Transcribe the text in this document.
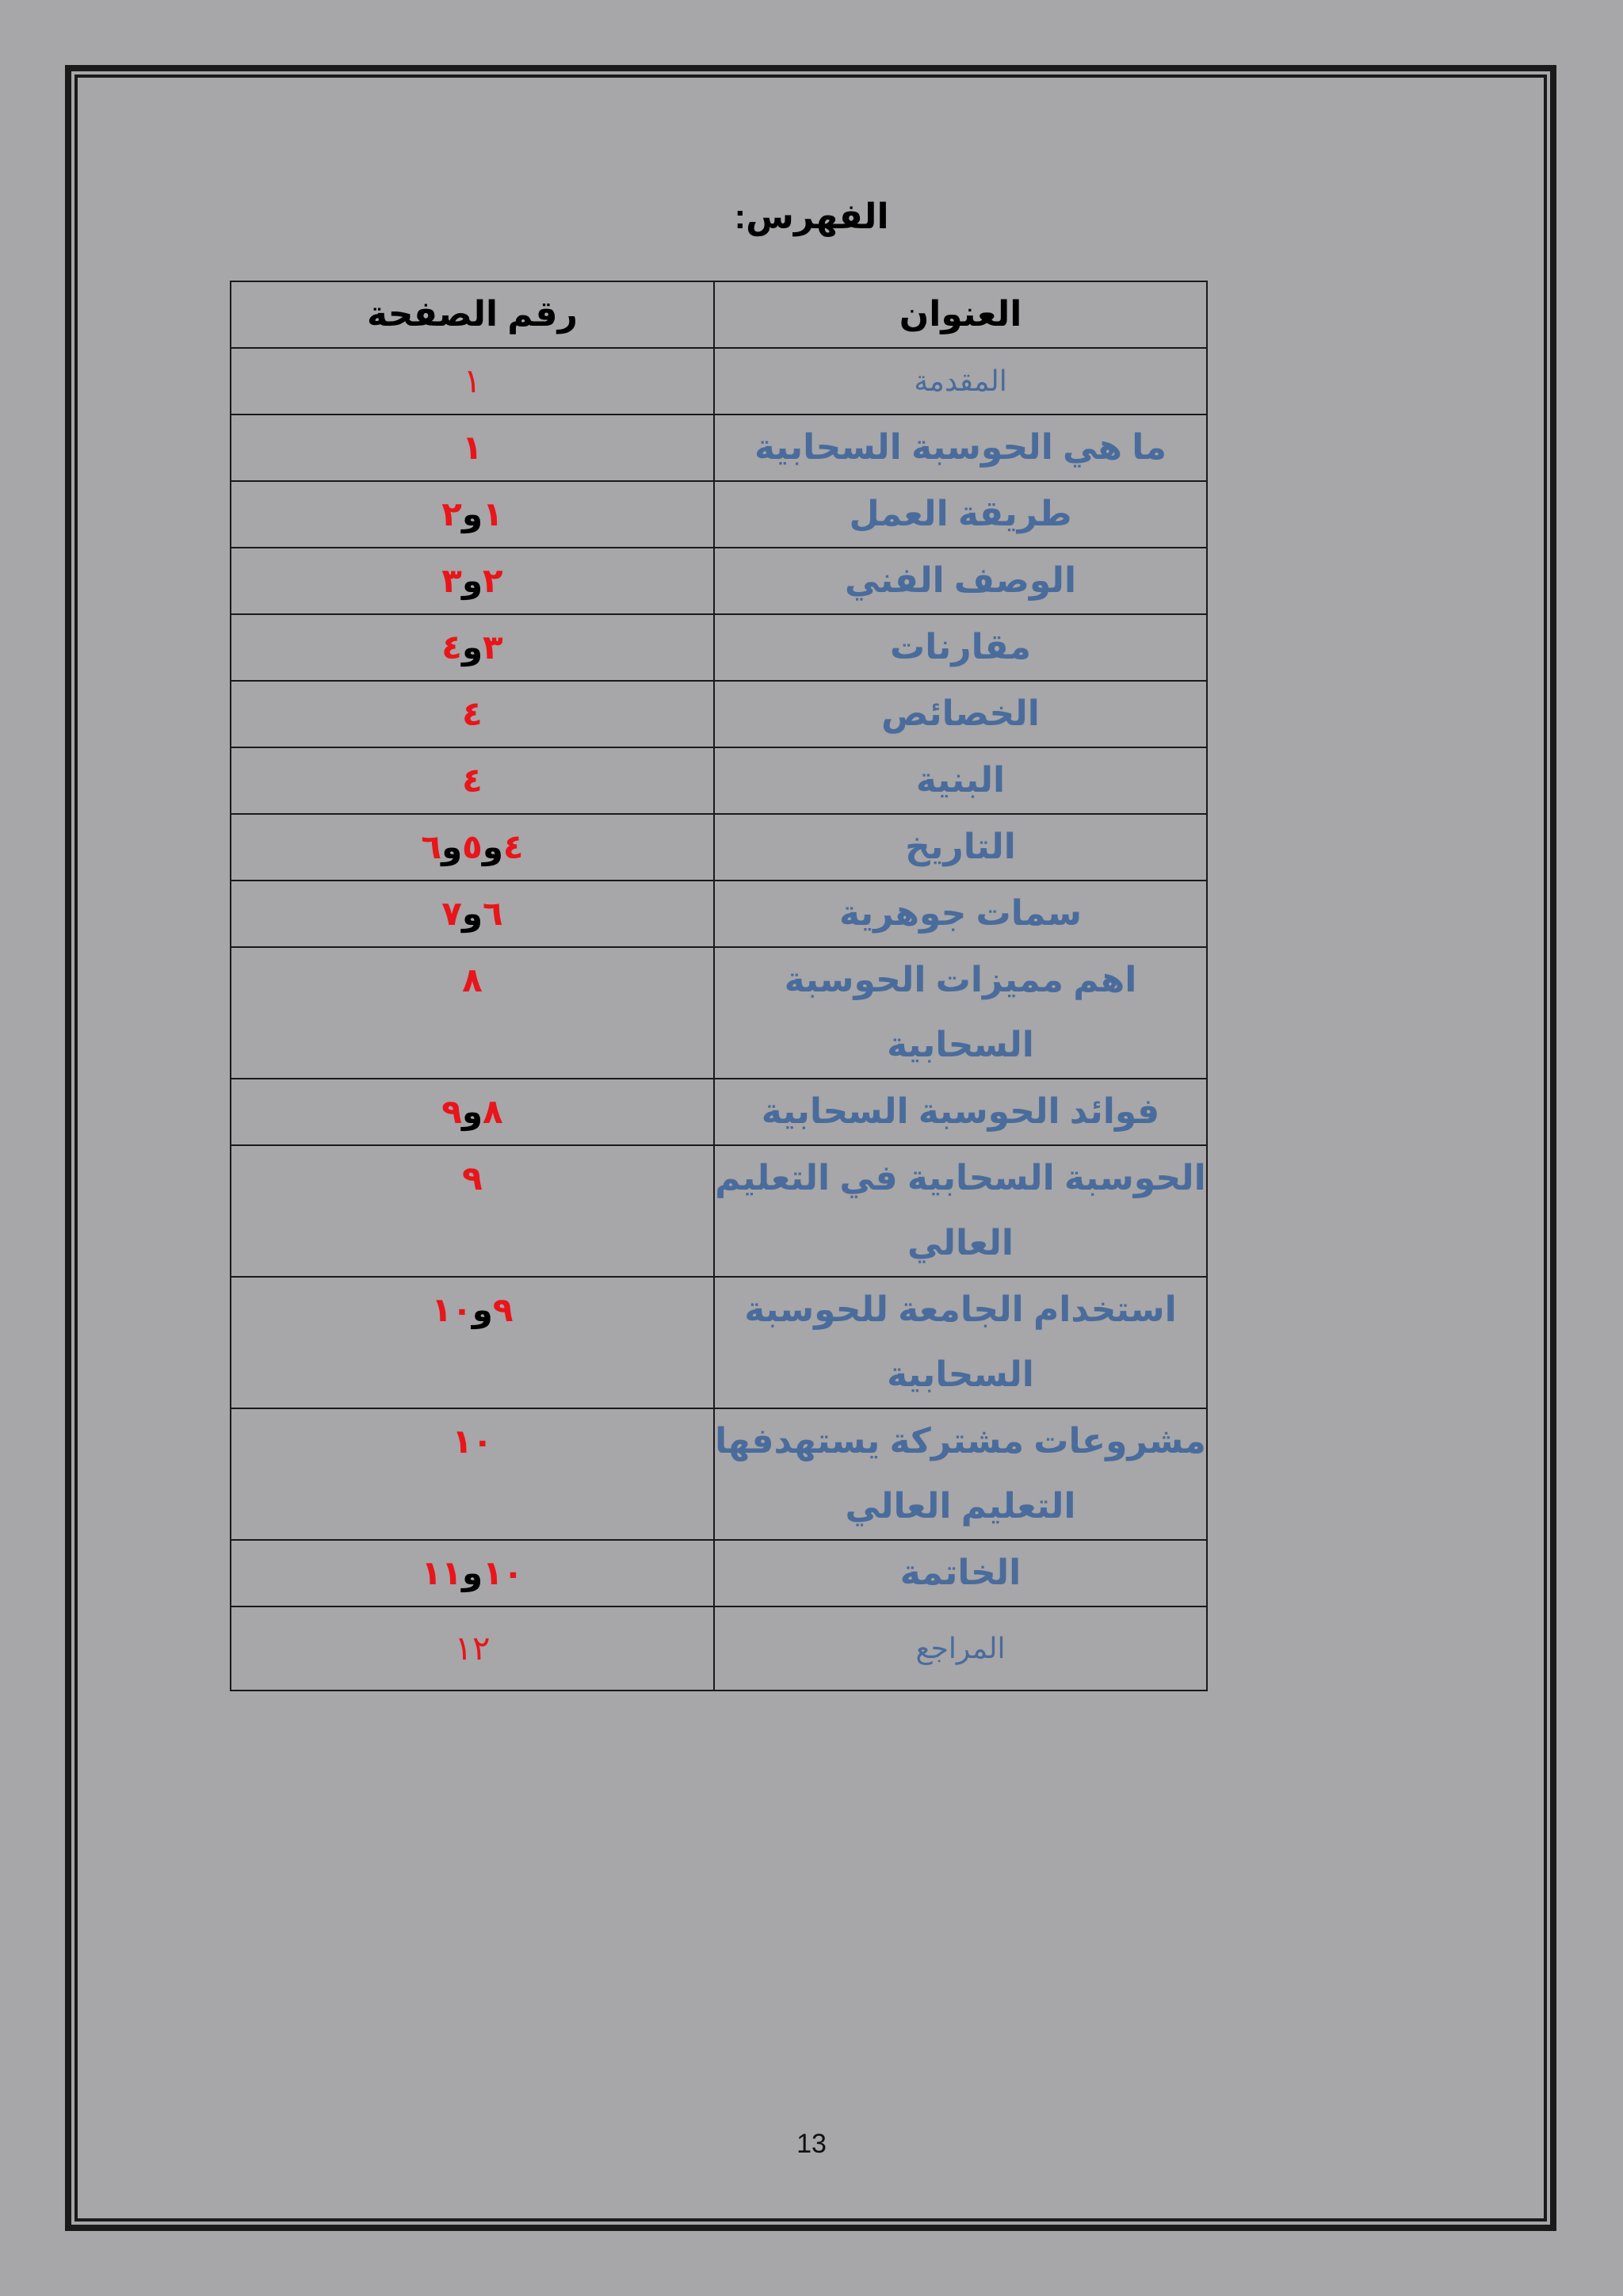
الفهرس:
العنوان	رقم الصفحة
المقدمة	١
ما هي الحوسبة السحابية	١
طريقة العمل	١و٢
الوصف الفني	٢و٣
مقارنات	٣و٤
الخصائص	٤
البنية	٤
التاريخ	٤و٥و٦
سمات جوهرية	٦و٧
اهم مميزات الحوسبة السحابية	٨
فوائد الحوسبة السحابية	٨و٩
الحوسبة السحابية في التعليم العالي	٩
استخدام الجامعة للحوسبة السحابية	٩و١٠
مشروعات مشتركة يستهدفها التعليم العالي	١٠
الخاتمة	١٠و١١
المراجع	١٢
13
